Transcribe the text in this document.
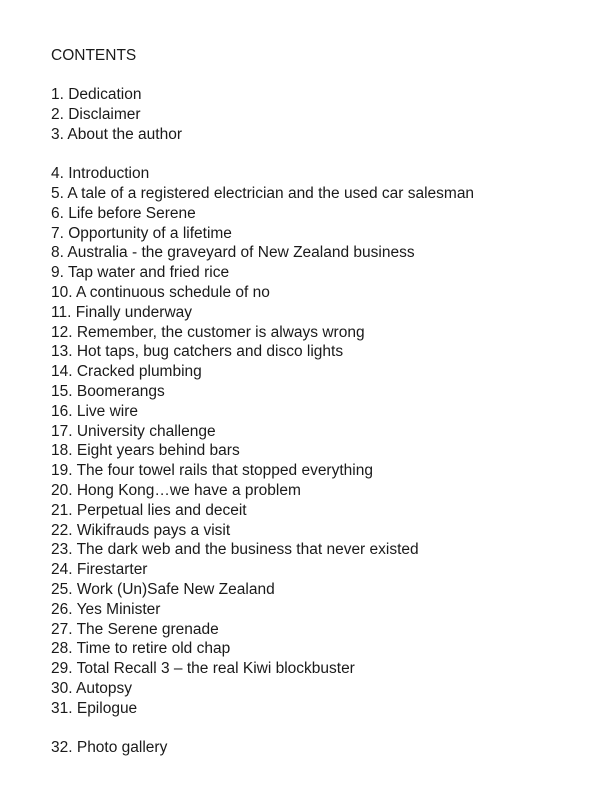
CONTENTS
1. Dedication
2. Disclaimer
3. About the author
4. Introduction
5. A tale of a registered electrician and the used car salesman
6. Life before Serene
7. Opportunity of a lifetime
8. Australia - the graveyard of New Zealand business
9. Tap water and fried rice
10. A continuous schedule of no
11. Finally underway
12. Remember, the customer is always wrong
13. Hot taps, bug catchers and disco lights
14. Cracked plumbing
15. Boomerangs
16. Live wire
17. University challenge
18. Eight years behind bars
19. The four towel rails that stopped everything
20. Hong Kong…we have a problem
21. Perpetual lies and deceit
22. Wikifrauds pays a visit
23. The dark web and the business that never existed
24. Firestarter
25. Work (Un)Safe New Zealand
26. Yes Minister
27. The Serene grenade
28. Time to retire old chap
29. Total Recall 3 – the real Kiwi blockbuster
30. Autopsy
31. Epilogue
32. Photo gallery
